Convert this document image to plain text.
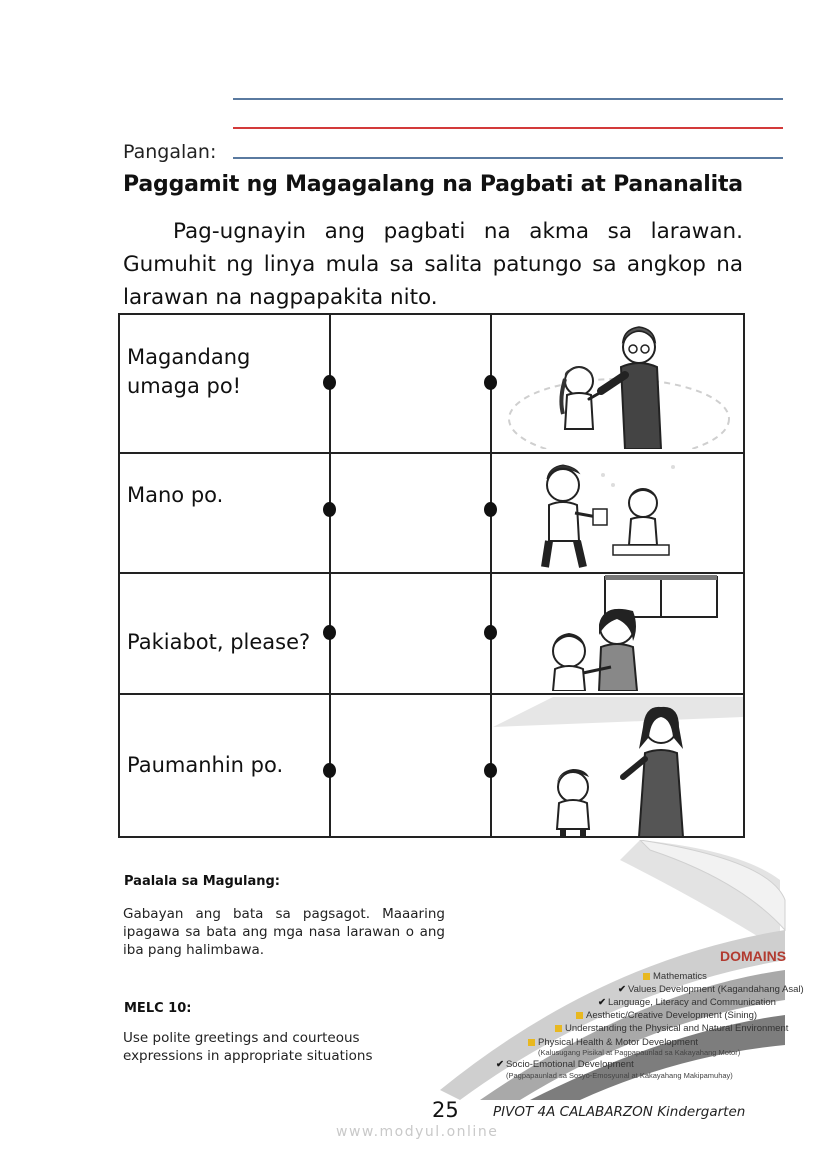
Pangalan:
Paggamit ng Magagalang na Pagbati at Pananalita
Pag-ugnayin ang pagbati na akma sa larawan. Gumuhit ng linya mula sa salita patungo sa angkop na larawan na nagpapakita nito.
Magandang umaga po!
Mano po.
Pakiabot, please?
Paumanhin po.
Paalala sa Magulang:
Gabayan ang bata sa pagsagot. Maaaring ipagawa sa bata ang mga nasa larawan o ang iba pang halimbawa.
MELC 10:
Use polite greetings and courteous expressions in appropriate situations
DOMAINS
Mathematics
✔ Values Development (Kagandahang Asal)
✔ Language, Literacy and Communication
Aesthetic/Creative Development (Sining)
Understanding the Physical and Natural Environment
Physical Health & Motor Development
(Kalusugang Pisikal at Pagpapaunlad sa Kakayahang Motor)
✔ Socio-Emotional Development
(Pagpapaunlad sa Sosyo-Emosyunal at Kakayahang Makipamuhay)
25	PIVOT 4A CALABARZON Kindergarten
www.modyul.online
